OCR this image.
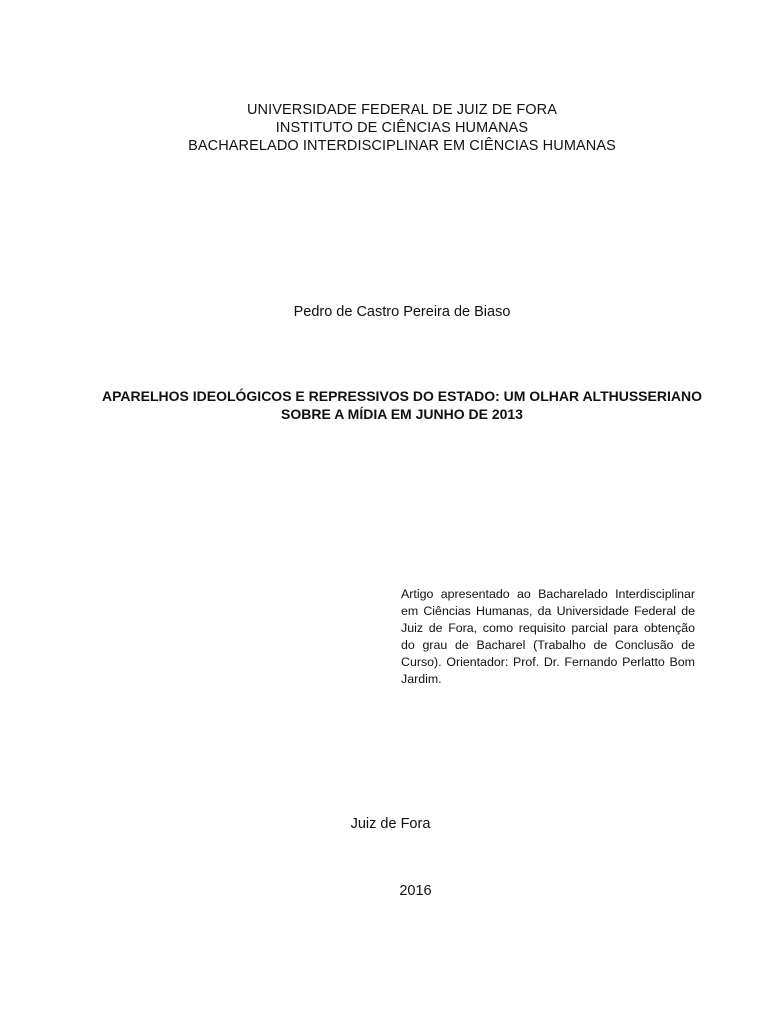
UNIVERSIDADE FEDERAL DE JUIZ DE FORA
INSTITUTO DE CIÊNCIAS HUMANAS
BACHARELADO INTERDISCIPLINAR EM CIÊNCIAS HUMANAS
Pedro de Castro Pereira de Biaso
APARELHOS IDEOLÓGICOS E REPRESSIVOS DO ESTADO: UM OLHAR ALTHUSSERIANO
SOBRE A MÍDIA EM JUNHO DE 2013
Artigo apresentado ao Bacharelado Interdisciplinar em Ciências Humanas, da Universidade Federal de Juiz de Fora, como requisito parcial para obtenção do grau de Bacharel (Trabalho de Conclusão de Curso). Orientador: Prof. Dr. Fernando Perlatto Bom Jardim.
Juiz de Fora
2016
